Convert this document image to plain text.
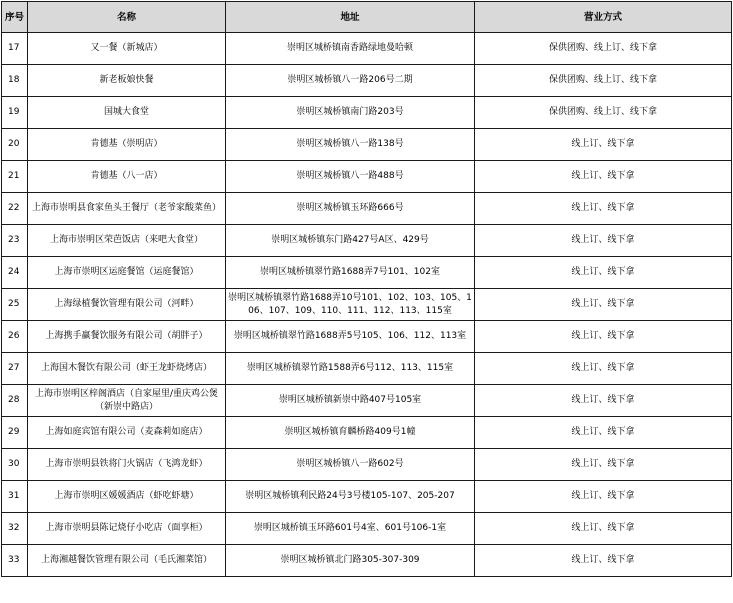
序号	名称	地址	营业方式
17	又一餐（新城店）	崇明区城桥镇南香路绿地曼哈顿	保供团购、线上订、线下拿
18	新老板娘快餐	崇明区城桥镇八一路206号二期	保供团购、线上订、线下拿
19	国城大食堂	崇明区城桥镇南门路203号	保供团购、线上订、线下拿
20	肯德基（崇明店）	崇明区城桥镇八一路138号	线上订、线下拿
21	肯德基（八一店）	崇明区城桥镇八一路488号	线上订、线下拿
22	上海市崇明县食家鱼头王餐厅（老爷家酸菜鱼）	崇明区城桥镇玉环路666号	线上订、线下拿
23	上海市崇明区荣芭饭店（来吧大食堂）	崇明区城桥镇东门路427号A区、429号	线上订、线下拿
24	上海市崇明区运庭餐馆（运庭餐馆）	崇明区城桥镇翠竹路1688弄7号101、102室	线上订、线下拿
25	上海绿植餐饮管理有限公司（河畔）	崇明区城桥镇翠竹路1688弄10号101、102、103、105、106、107、109、110、111、112、113、115室	线上订、线下拿
26	上海携手赢餐饮服务有限公司（胡胖子）	崇明区城桥镇翠竹路1688弄5号105、106、112、113室	线上订、线下拿
27	上海国木餐饮有限公司（虾王龙虾烧烤店）	崇明区城桥镇翠竹路1588弄6号112、113、115室	线上订、线下拿
28	上海市崇明区梓阁酒店（自家屋里/重庆鸡公煲（新崇中路店）	崇明区城桥镇新崇中路407号105室	线上订、线下拿
29	上海如庭宾馆有限公司（麦森莉如庭店）	崇明区城桥镇育麟桥路409号1幢	线上订、线下拿
30	上海市崇明县铁将门火锅店（飞鸿龙虾）	崇明区城桥镇八一路602号	线上订、线下拿
31	上海市崇明区媛媛酒店（虾吃虾塘）	崇明区城桥镇利民路24号3号楼105-107、205-207	线上订、线下拿
32	上海市崇明县陈记烧仔小吃店（面享柜）	崇明区城桥镇玉环路601号4室、601号106-1室	线上订、线下拿
33	上海湘越餐饮管理有限公司（毛氏湘菜馆）	崇明区城桥镇北门路305-307-309	线上订、线下拿
